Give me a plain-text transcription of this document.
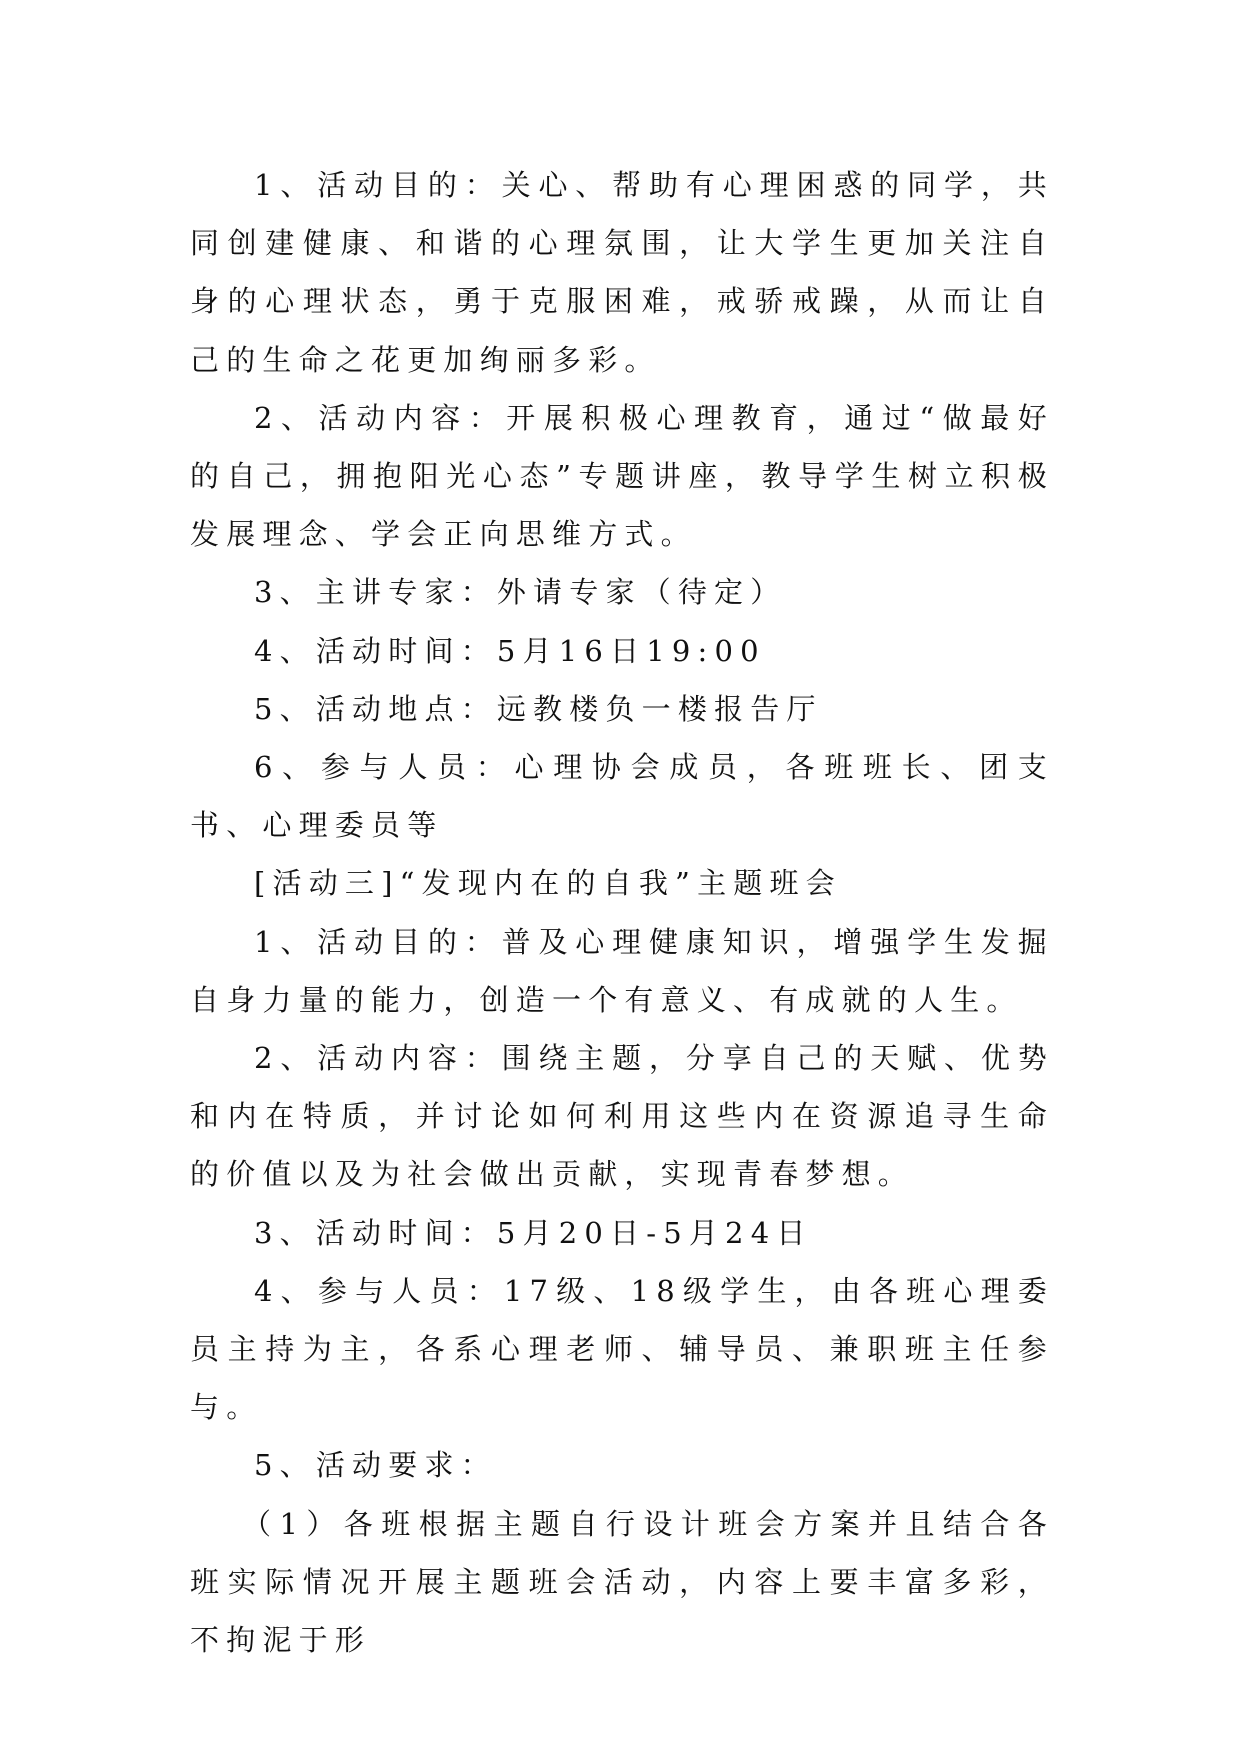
1、活动目的：关心、帮助有心理困惑的同学，共同创建健康、和谐的心理氛围，让大学生更加关注自身的心理状态，勇于克服困难，戒骄戒躁，从而让自己的生命之花更加绚丽多彩。

2、活动内容：开展积极心理教育，通过“做最好的自己，拥抱阳光心态”专题讲座，教导学生树立积极发展理念、学会正向思维方式。

3、主讲专家：外请专家（待定）

4、活动时间：5月16日19:00

5、活动地点：远教楼负一楼报告厅

6、参与人员：心理协会成员，各班班长、团支书、心理委员等

[活动三]“发现内在的自我”主题班会

1、活动目的：普及心理健康知识，增强学生发掘自身力量的能力，创造一个有意义、有成就的人生。

2、活动内容：围绕主题，分享自己的天赋、优势和内在特质，并讨论如何利用这些内在资源追寻生命的价值以及为社会做出贡献，实现青春梦想。

3、活动时间：5月20日-5月24日

4、参与人员：17级、18级学生，由各班心理委员主持为主，各系心理老师、辅导员、兼职班主任参与。

5、活动要求：

（1）各班根据主题自行设计班会方案并且结合各班实际情况开展主题班会活动，内容上要丰富多彩，不拘泥于形
